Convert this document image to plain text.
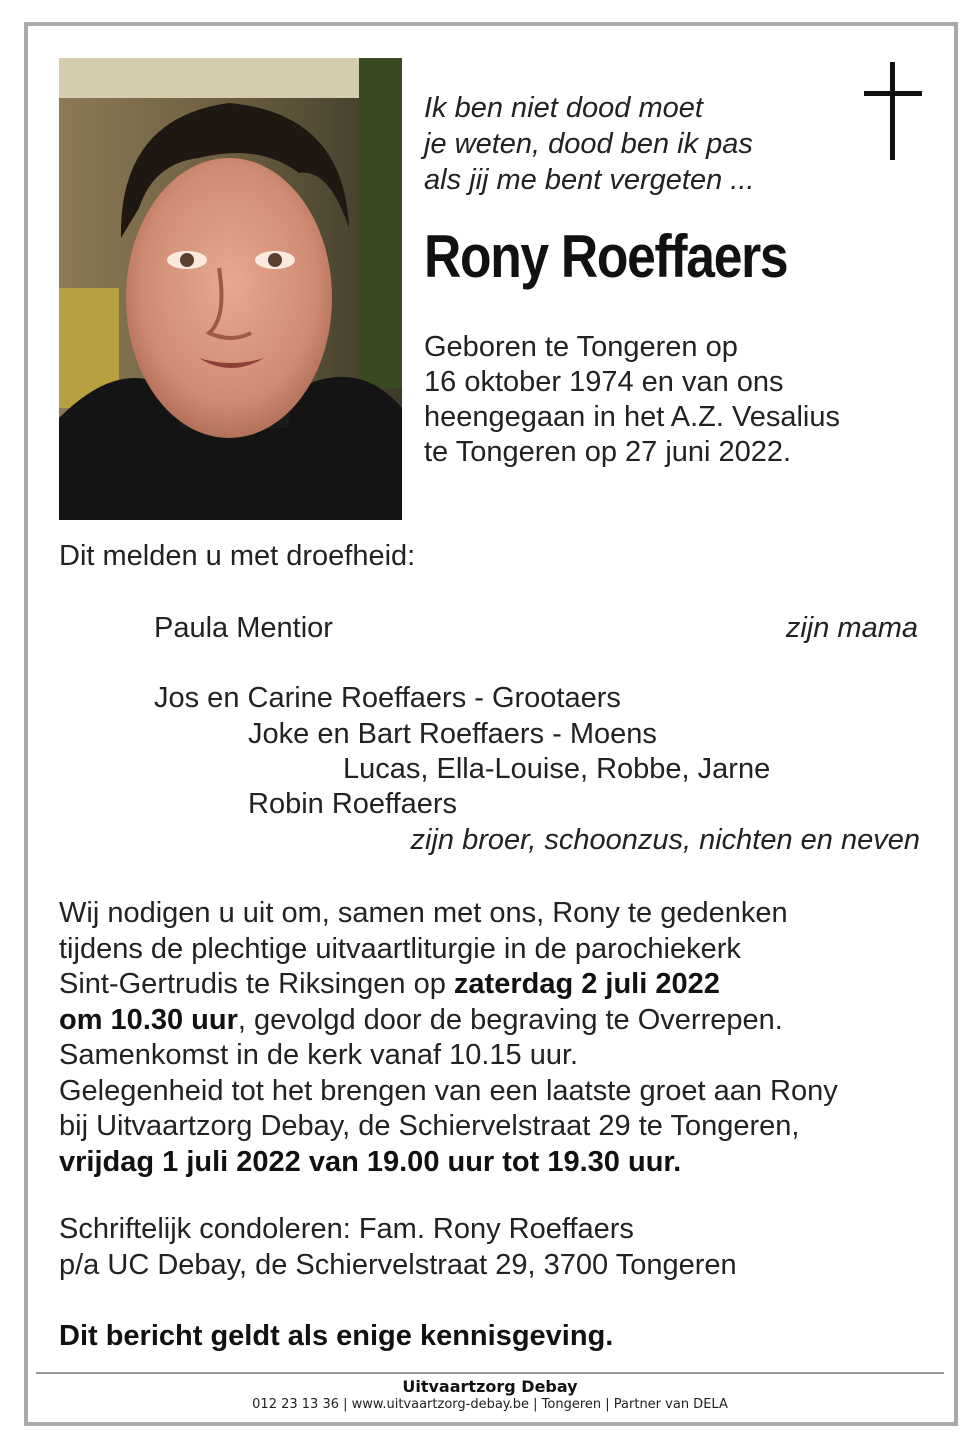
Ik ben niet dood moet
je weten, dood ben ik pas
als jij me bent vergeten ...
Rony Roeffaers
Geboren te Tongeren op
16 oktober 1974 en van ons
heengegaan in het A.Z. Vesalius
te Tongeren op 27 juni 2022.
Dit melden u met droefheid:
Paula Mentior	zijn mama
Jos en Carine Roeffaers - Grootaers
Joke en Bart Roeffaers - Moens
Lucas, Ella-Louise, Robbe, Jarne
Robin Roeffaers
zijn broer, schoonzus, nichten en neven
Wij nodigen u uit om, samen met ons, Rony te gedenken
tijdens de plechtige uitvaartliturgie in de parochiekerk
Sint-Gertrudis te Riksingen op zaterdag 2 juli 2022
om 10.30 uur, gevolgd door de begraving te Overrepen.
Samenkomst in de kerk vanaf 10.15 uur.
Gelegenheid tot het brengen van een laatste groet aan Rony
bij Uitvaartzorg Debay, de Schiervelstraat 29 te Tongeren,
vrijdag 1 juli 2022 van 19.00 uur tot 19.30 uur.
Schriftelijk condoleren: Fam. Rony Roeffaers
p/a UC Debay, de Schiervelstraat 29, 3700 Tongeren
Dit bericht geldt als enige kennisgeving.
Uitvaartzorg Debay
012 23 13 36 | www.uitvaartzorg-debay.be | Tongeren | Partner van DELA
